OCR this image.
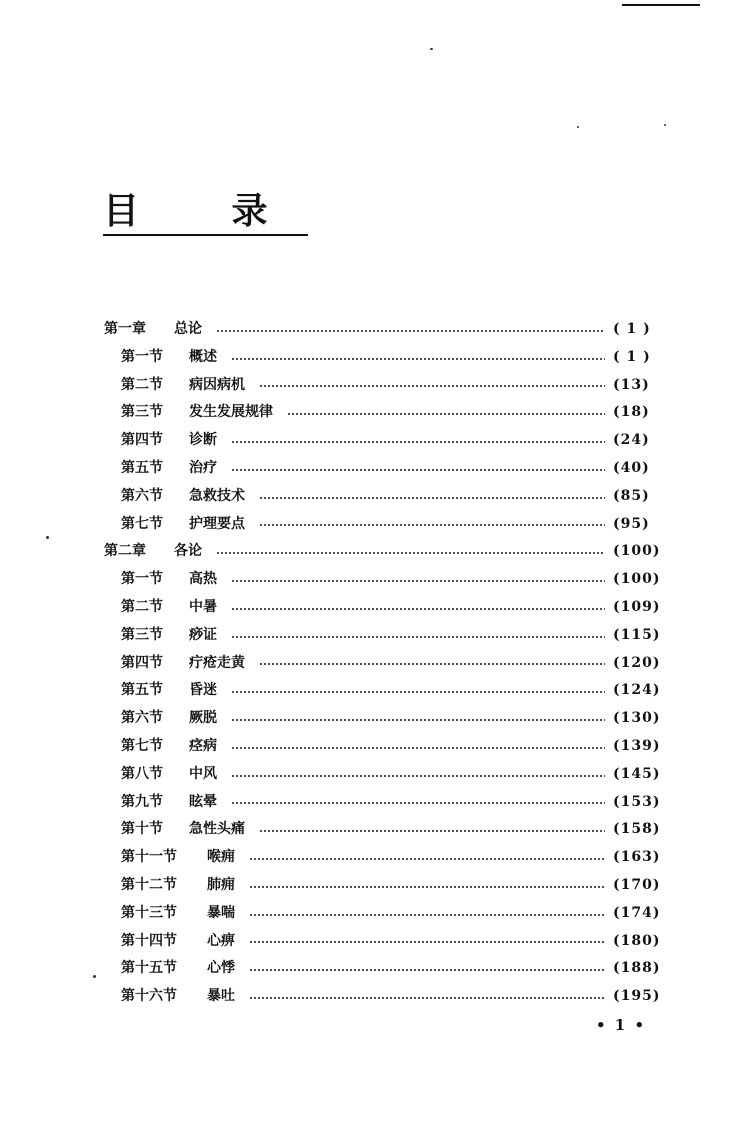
目 录
第一章 总论	( 1 )
第一节 概述	( 1 )
第二节 病因病机	(13)
第三节 发生发展规律	(18)
第四节 诊断	(24)
第五节 治疗	(40)
第六节 急救技术	(85)
第七节 护理要点	(95)
第二章 各论	(100)
第一节 高热	(100)
第二节 中暑	(109)
第三节 痧证	(115)
第四节 疔疮走黄	(120)
第五节 昏迷	(124)
第六节 厥脱	(130)
第七节 痉病	(139)
第八节 中风	(145)
第九节 眩晕	(153)
第十节 急性头痛	(158)
第十一节 喉痈	(163)
第十二节 肺痈	(170)
第十三节 暴喘	(174)
第十四节 心痹	(180)
第十五节 心悸	(188)
第十六节 暴吐	(195)
• 1 •
